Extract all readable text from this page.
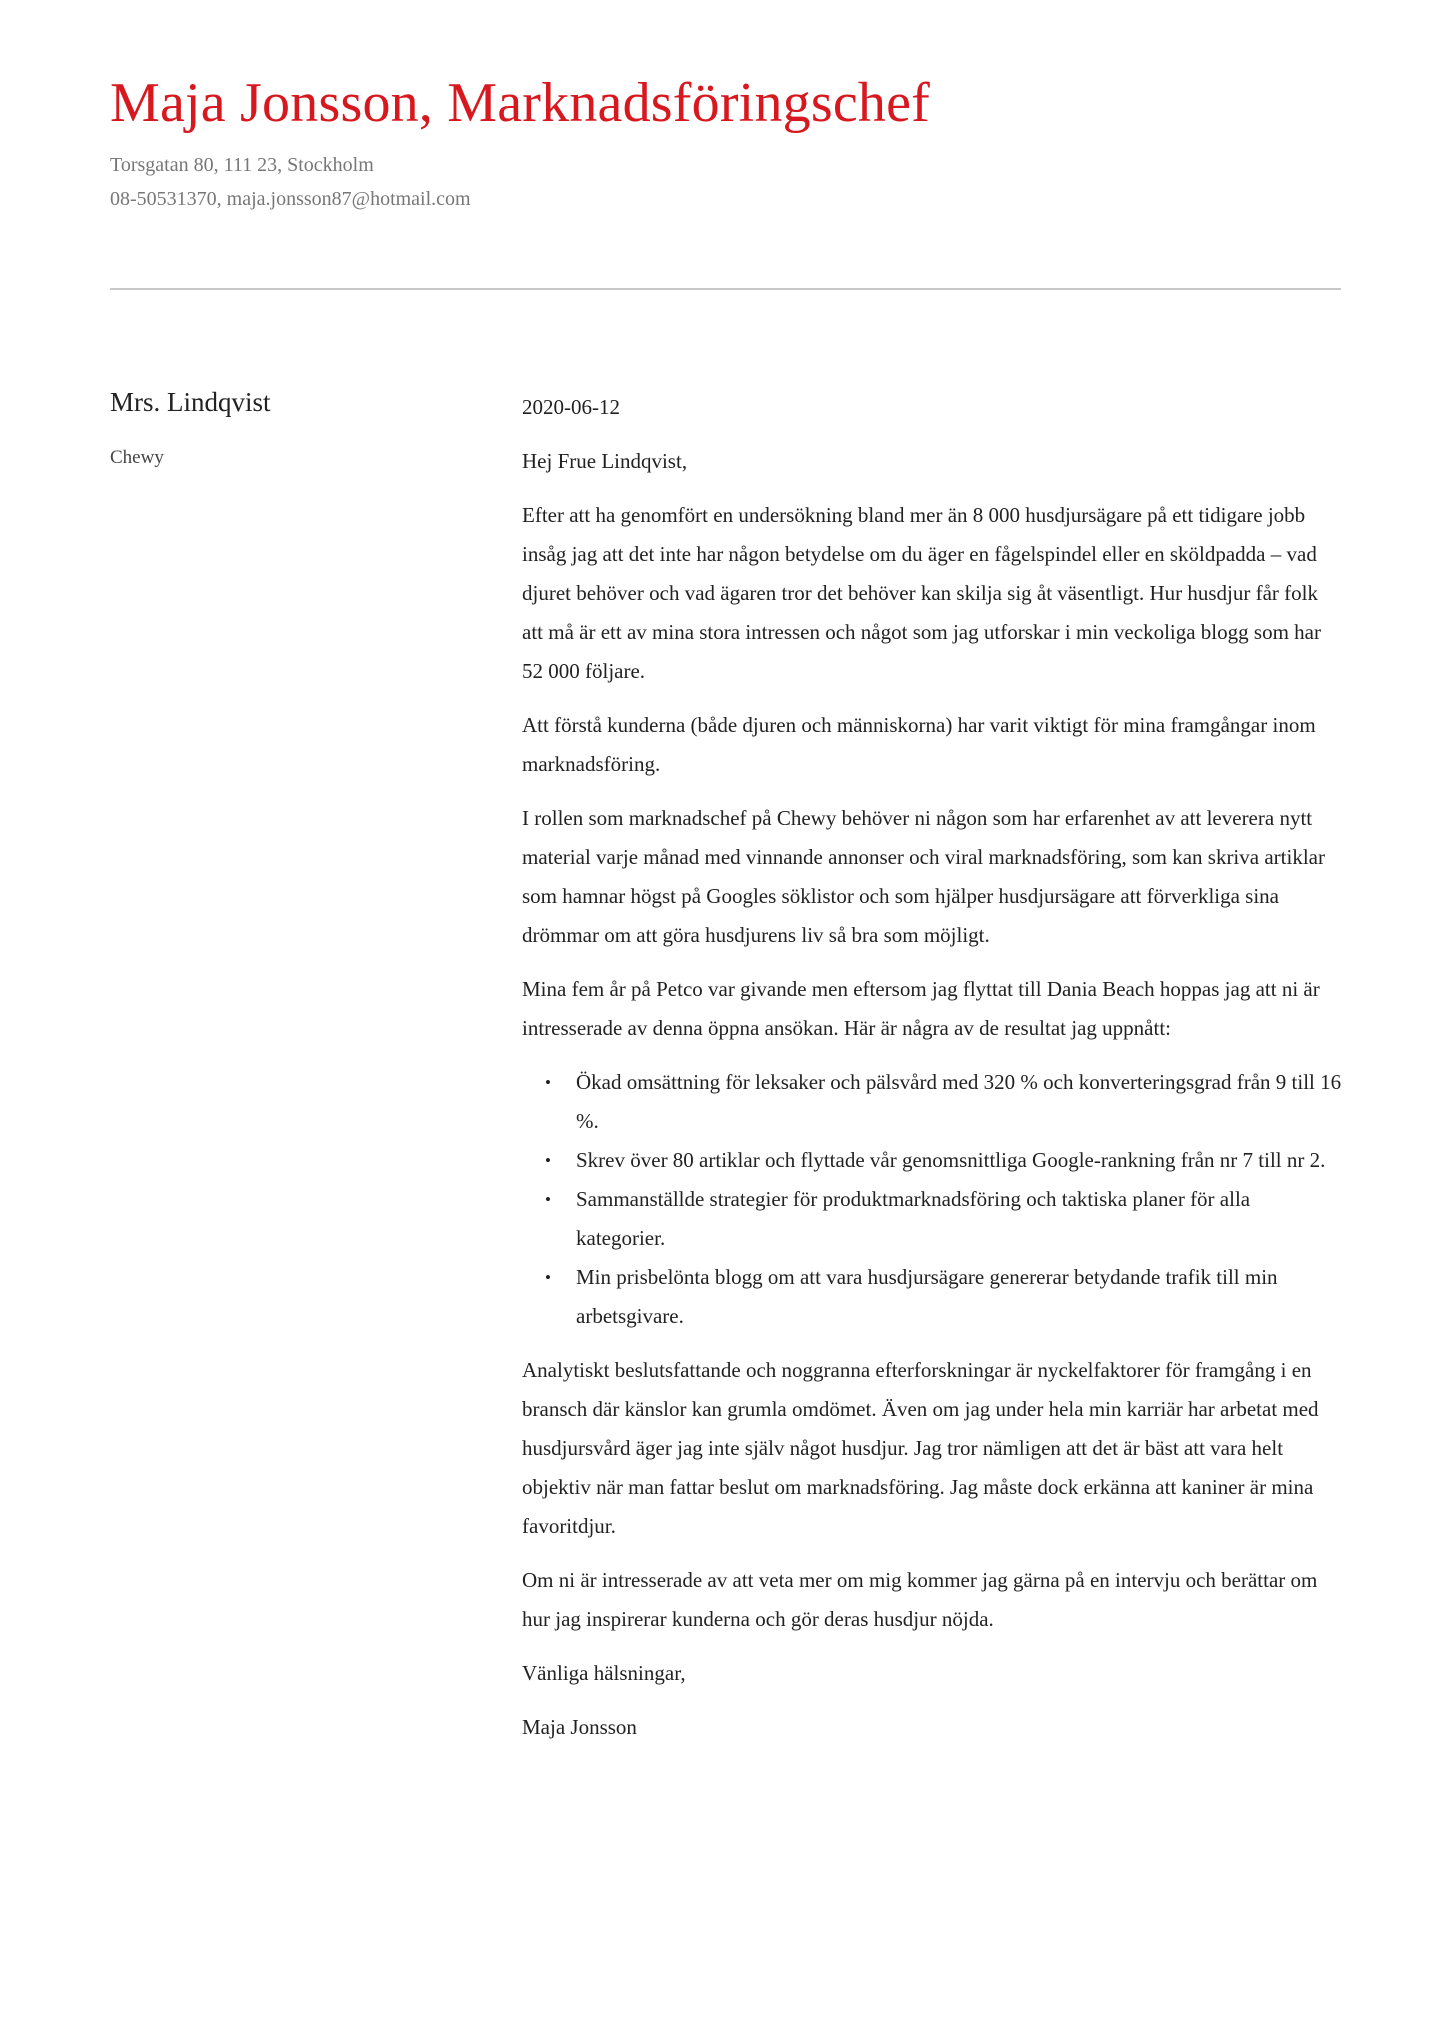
Maja Jonsson, Marknadsföringschef
Torsgatan 80, 111 23, Stockholm
08-50531370, maja.jonsson87@hotmail.com
Mrs. Lindqvist
Chewy

2020-06-12

Hej Frue Lindqvist,

Efter att ha genomfört en undersökning bland mer än 8 000 husdjursägare på ett tidigare jobb insåg jag att det inte har någon betydelse om du äger en fågelspindel eller en sköldpadda – vad djuret behöver och vad ägaren tror det behöver kan skilja sig åt väsentligt. Hur husdjur får folk att må är ett av mina stora intressen och något som jag utforskar i min veckoliga blogg som har 52 000 följare.

Att förstå kunderna (både djuren och människorna) har varit viktigt för mina framgångar inom marknadsföring.

I rollen som marknadschef på Chewy behöver ni någon som har erfarenhet av att leverera nytt material varje månad med vinnande annonser och viral marknadsföring, som kan skriva artiklar som hamnar högst på Googles söklistor och som hjälper husdjursägare att förverkliga sina drömmar om att göra husdjurens liv så bra som möjligt.

Mina fem år på Petco var givande men eftersom jag flyttat till Dania Beach hoppas jag att ni är intresserade av denna öppna ansökan. Här är några av de resultat jag uppnått:

• Ökad omsättning för leksaker och pälsvård med 320 % och konverteringsgrad från 9 till 16 %.
• Skrev över 80 artiklar och flyttade vår genomsnittliga Google-rankning från nr 7 till nr 2.
• Sammanställde strategier för produktmarknadsföring och taktiska planer för alla kategorier.
• Min prisbelönta blogg om att vara husdjursägare genererar betydande trafik till min arbetsgivare.

Analytiskt beslutsfattande och noggranna efterforskningar är nyckelfaktorer för framgång i en bransch där känslor kan grumla omdömet. Även om jag under hela min karriär har arbetat med husdjursvård äger jag inte själv något husdjur. Jag tror nämligen att det är bäst att vara helt objektiv när man fattar beslut om marknadsföring. Jag måste dock erkänna att kaniner är mina favoritdjur.

Om ni är intresserade av att veta mer om mig kommer jag gärna på en intervju och berättar om hur jag inspirerar kunderna och gör deras husdjur nöjda.

Vänliga hälsningar,

Maja Jonsson
